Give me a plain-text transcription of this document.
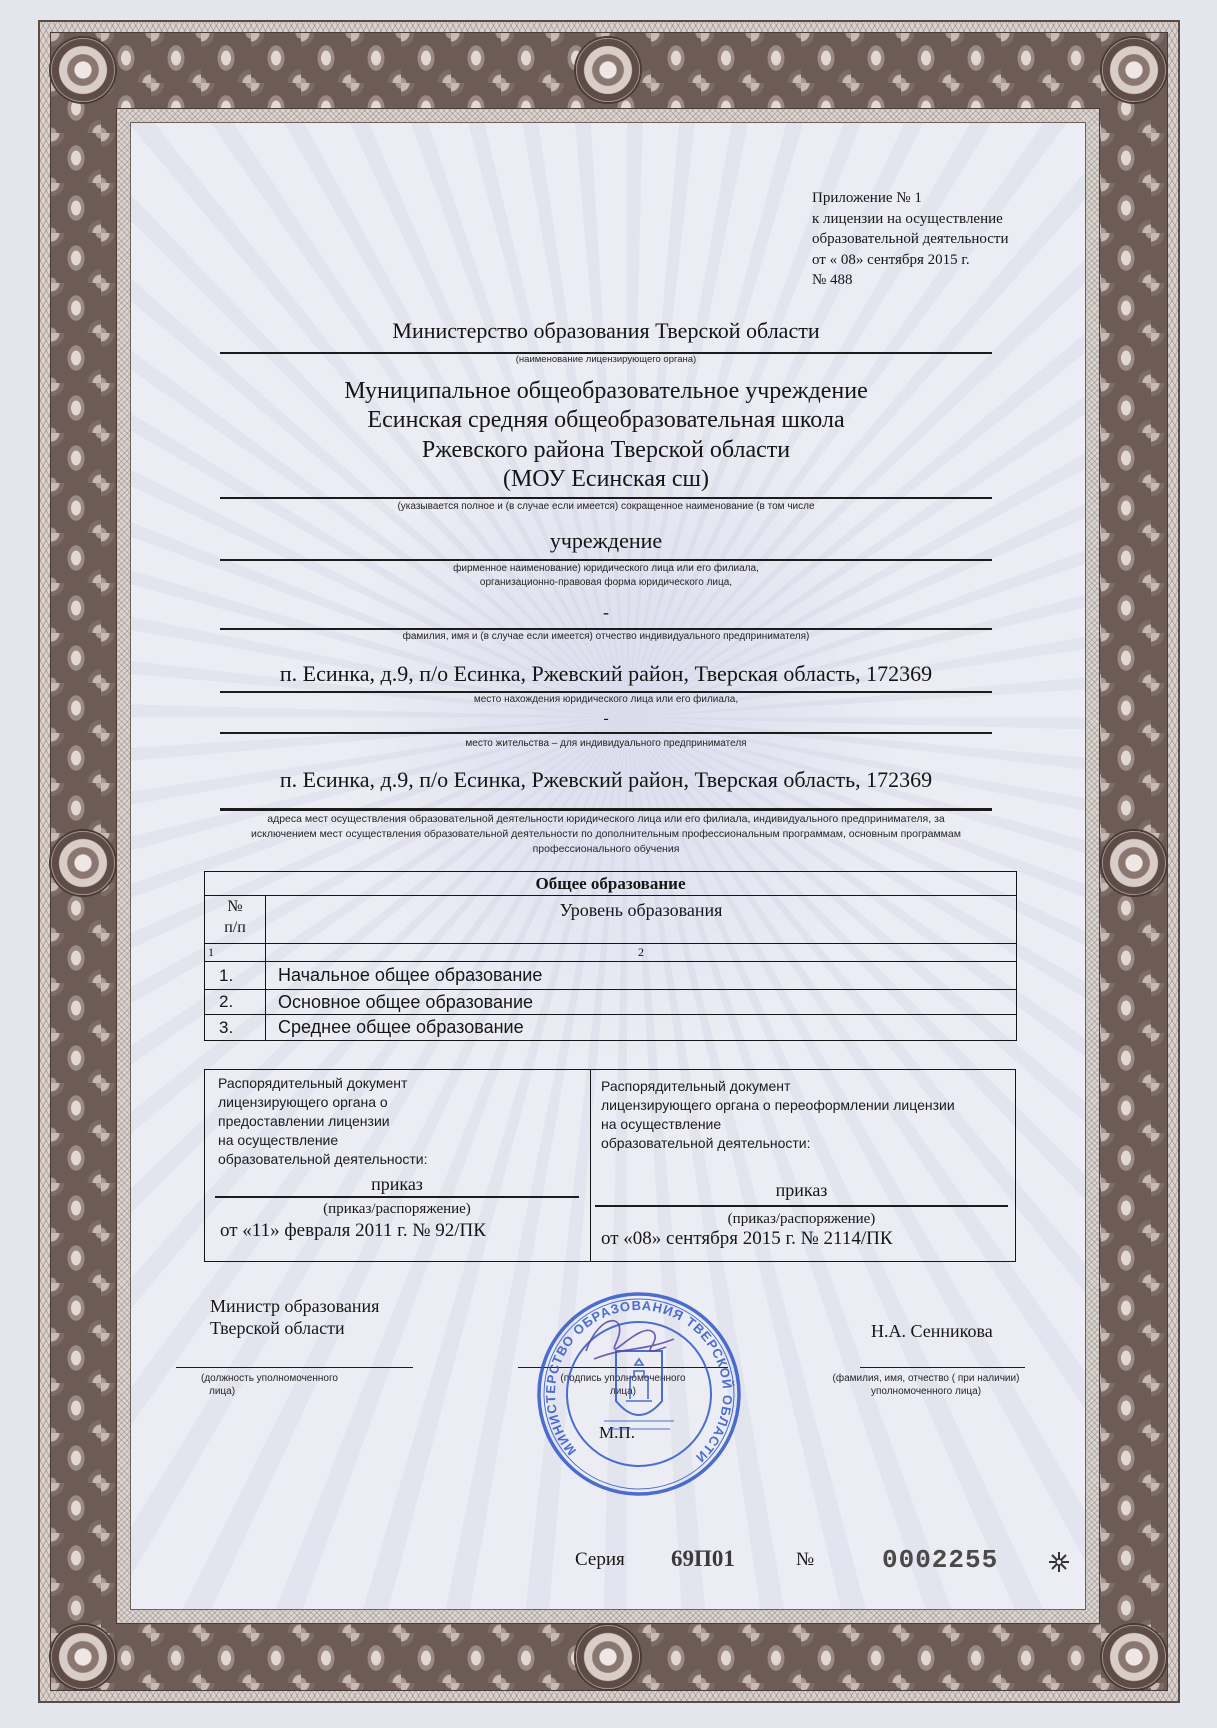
Приложение № 1
к лицензии на осуществление
образовательной деятельности
от « 08» сентября 2015 г.
№ 488
Министерство образования Тверской области
(наименование лицензирующего органа)
Муниципальное общеобразовательное учреждение
Есинская средняя общеобразовательная школа
Ржевского района Тверской области
(МОУ Есинская сш)
(указывается полное и (в случае если имеется) сокращенное наименование (в том числе
учреждение
фирменное наименование) юридического лица или его филиала,
организационно-правовая форма юридического лица,
-
фамилия, имя и (в случае если имеется) отчество индивидуального предпринимателя)
п. Есинка, д.9, п/о Есинка, Ржевский район, Тверская область, 172369
место нахождения юридического лица или его филиала,
-
место жительства – для индивидуального предпринимателя
п. Есинка, д.9, п/о Есинка, Ржевский район, Тверская область, 172369
адреса мест осуществления образовательной деятельности юридического лица или его филиала, индивидуального предпринимателя, за
исключением мест осуществления образовательной деятельности по дополнительным профессиональным программам, основным программам
профессионального обучения
Общее образование	

№
п/п	Уровень образования
1	2
1.	Начальное общее образование
2.	Основное общее образование
3.	Среднее общее образование
Распорядительный документ
лицензирующего органа о
предоставлении лицензии
на осуществление
образовательной деятельности:
приказ
(приказ/распоряжение)
от «11» февраля 2011 г. № 92/ПК
Распорядительный документ
лицензирующего органа о переоформлении лицензии
на осуществление
образовательной деятельности:
приказ
(приказ/распоряжение)
от «08» сентября 2015 г. № 2114/ПК
Министр образования
Тверской области	Н.А. Сенникова
(должность уполномоченного
лица)
(подпись уполномоченного
лица)
(фамилия, имя, отчество ( при наличии)
уполномоченного лица)
М.П.
МИНИСТЕРСТВО ОБРАЗОВАНИЯ ТВЕРСКОЙ ОБЛАСТИ
Серия 69П01	№	0002255
